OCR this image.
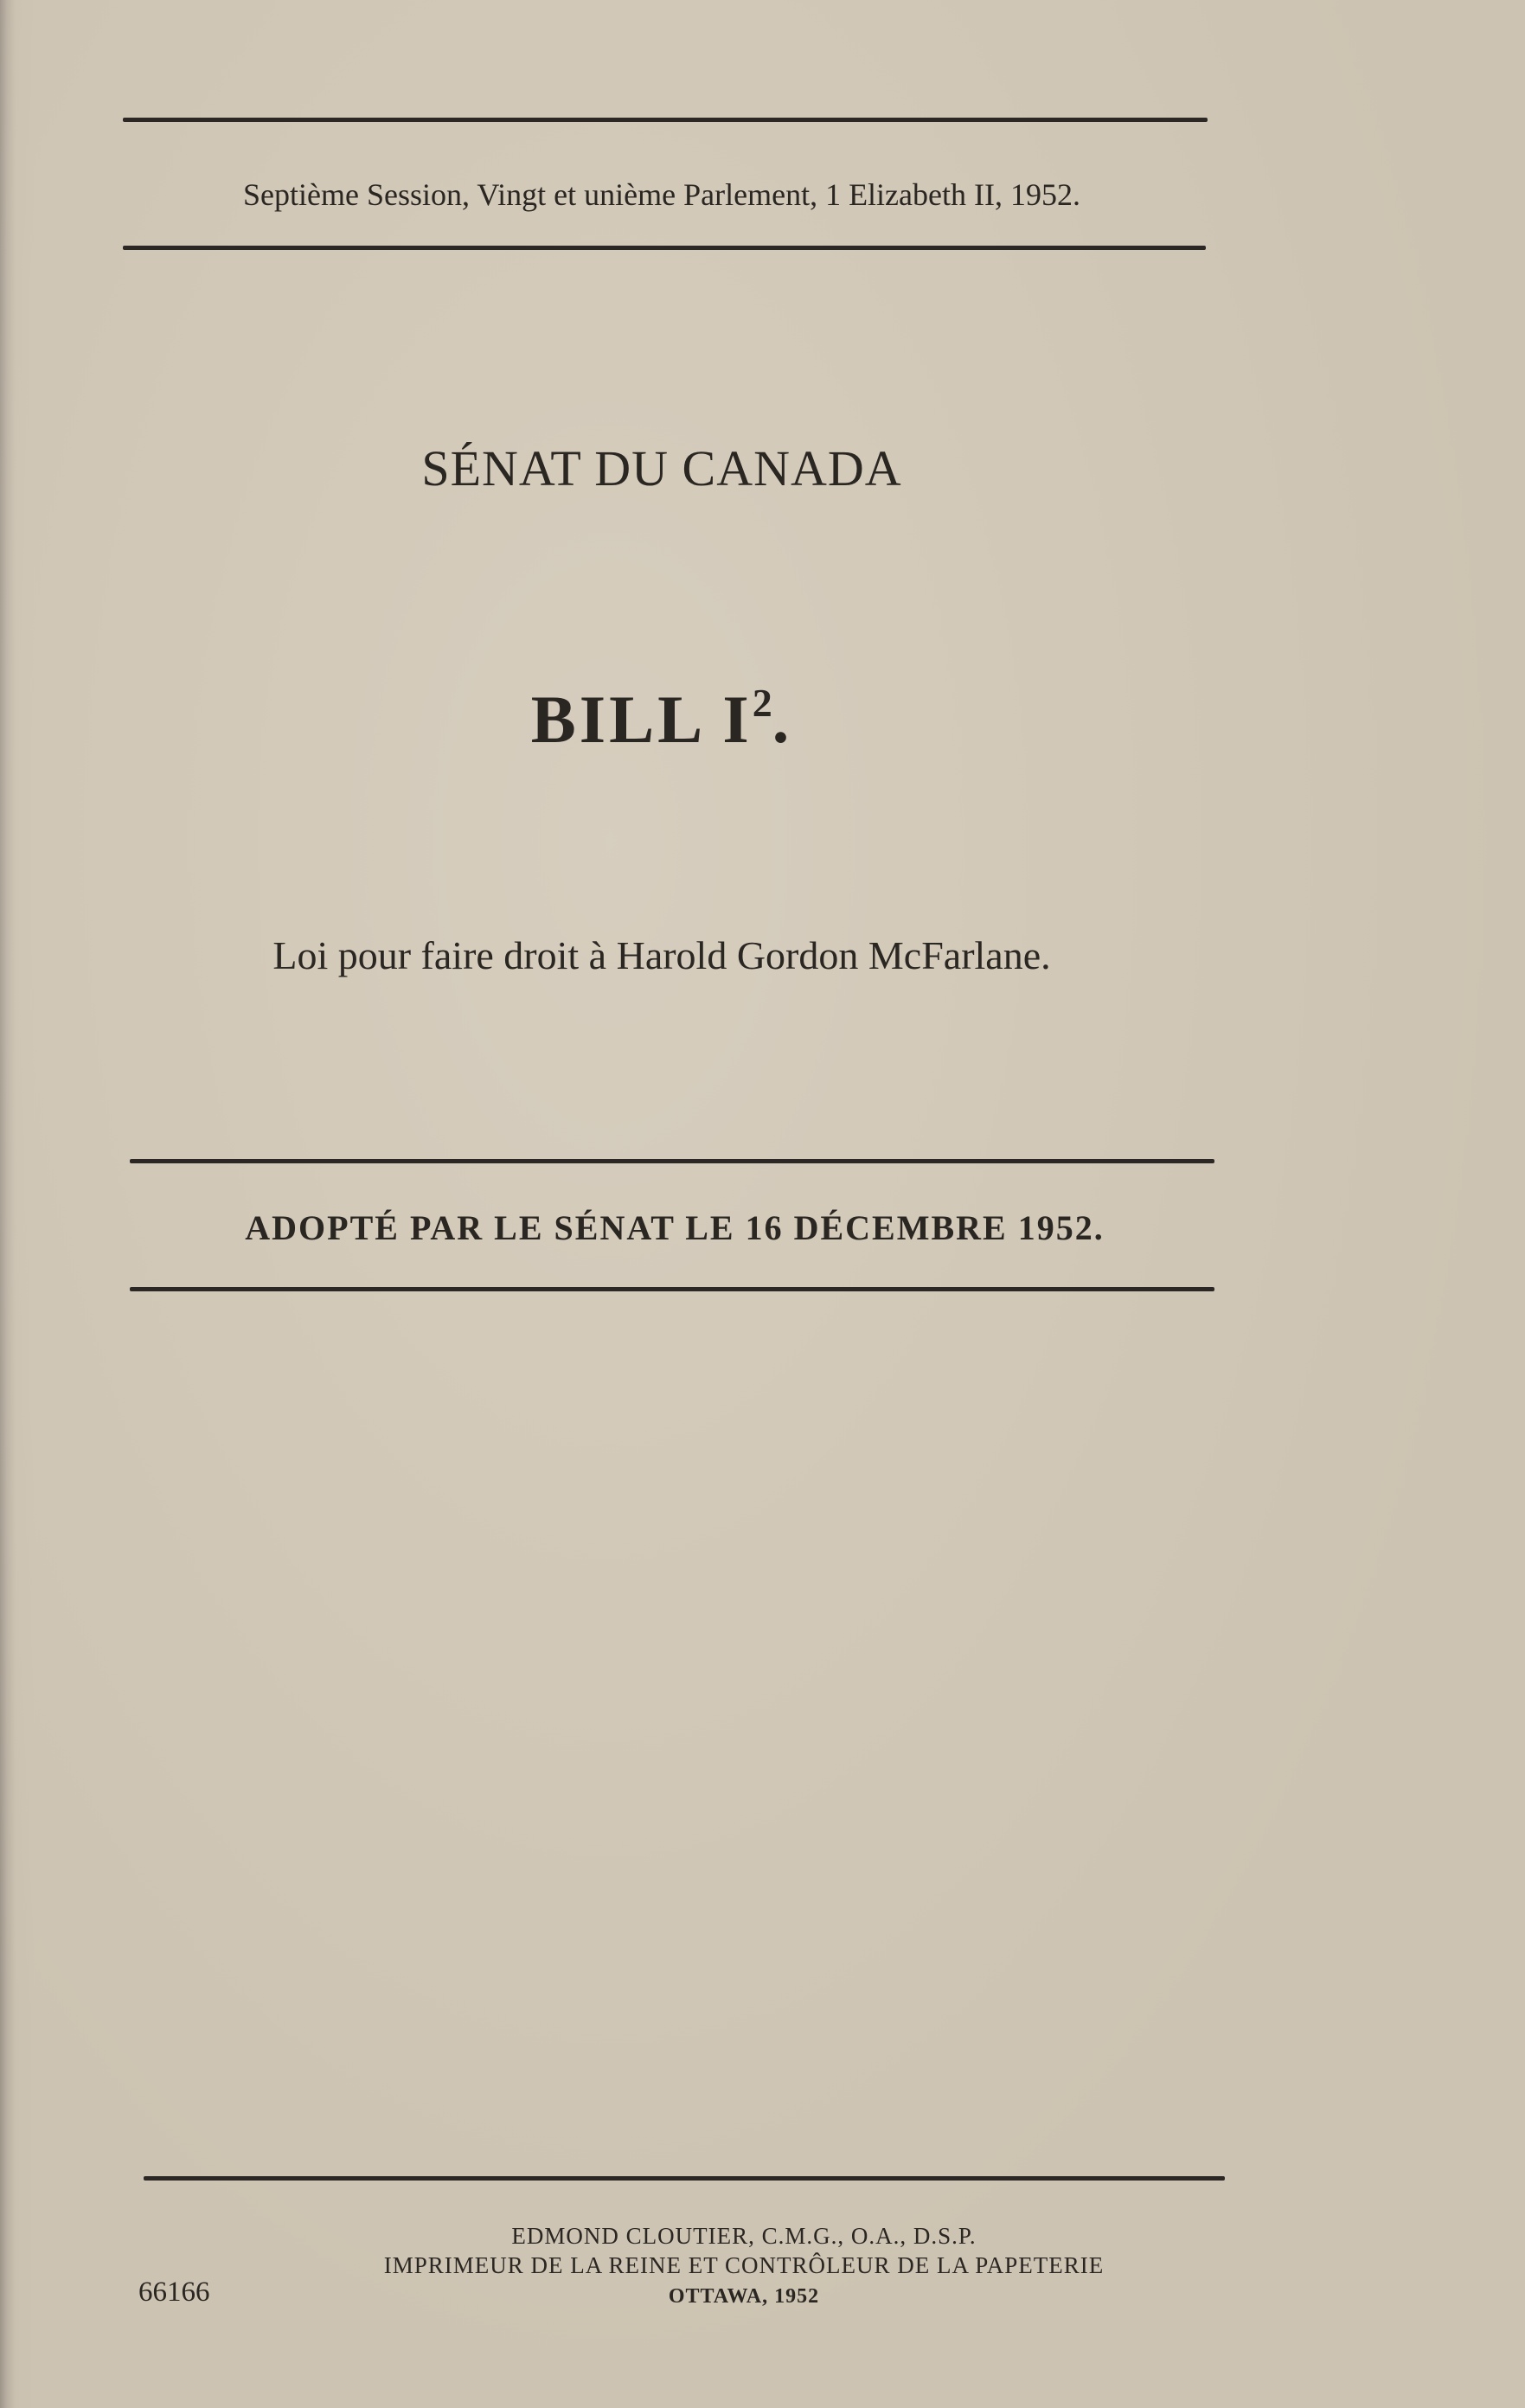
Septième Session, Vingt et unième Parlement, 1 Elizabeth II, 1952.
SÉNAT DU CANADA
BILL $I^2$.
Loi pour faire droit à Harold Gordon McFarlane.
ADOPTÉ PAR LE SÉNAT LE 16 DÉCEMBRE 1952.
EDMOND CLOUTIER, C.M.G., O.A., D.S.P.
IMPRIMEUR DE LA REINE ET CONTRÔLEUR DE LA PAPETERIE
OTTAWA, 1952
66166
